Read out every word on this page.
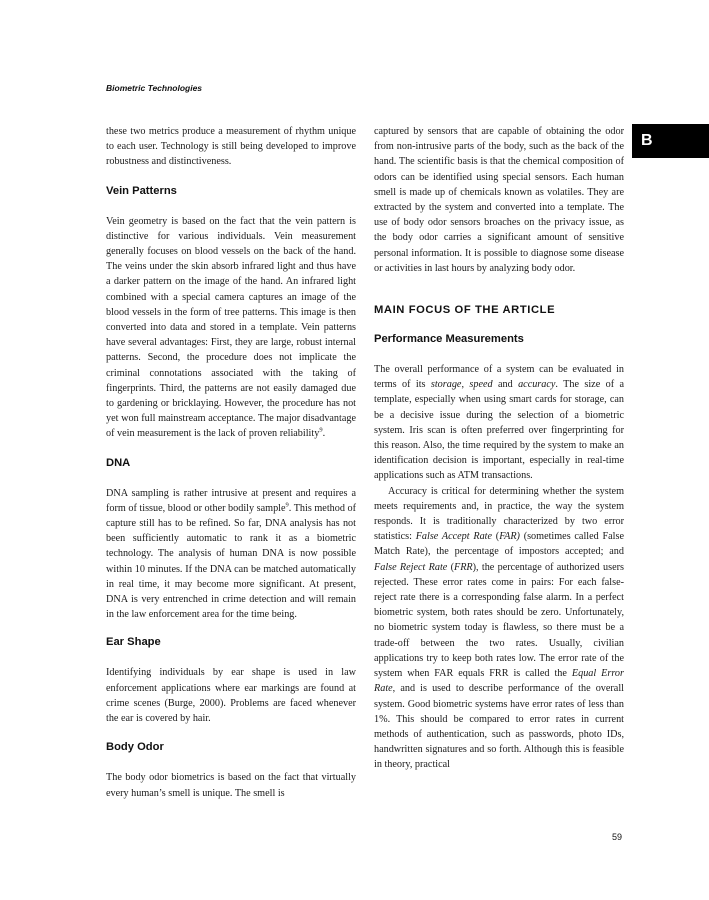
Biometric Technologies
B

these two metrics produce a measurement of rhythm unique to each user. Technology is still being developed to improve robustness and distinctiveness.

Vein Patterns

Vein geometry is based on the fact that the vein pattern is distinctive for various individuals. Vein measurement generally focuses on blood vessels on the back of the hand. The veins under the skin absorb infrared light and thus have a darker pattern on the image of the hand. An infrared light combined with a special camera captures an image of the blood vessels in the form of tree patterns. This image is then converted into data and stored in a template. Vein patterns have several advantages: First, they are large, robust internal patterns. Second, the procedure does not implicate the criminal connotations associated with the taking of fingerprints. Third, the patterns are not easily damaged due to gardening or bricklaying. However, the procedure has not yet won full mainstream acceptance. The major disadvantage of vein measurement is the lack of proven reliability$^9$.

DNA

DNA sampling is rather intrusive at present and requires a form of tissue, blood or other bodily sample$^9$. This method of capture still has to be refined. So far, DNA analysis has not been sufficiently automatic to rank it as a biometric technology. The analysis of human DNA is now possible within 10 minutes. If the DNA can be matched automatically in real time, it may become more significant. At present, DNA is very entrenched in crime detection and will remain in the law enforcement area for the time being.

Ear Shape

Identifying individuals by ear shape is used in law enforcement applications where ear markings are found at crime scenes (Burge, 2000). Problems are faced whenever the ear is covered by hair.

Body Odor

The body odor biometrics is based on the fact that virtually every human’s smell is unique. The smell is

captured by sensors that are capable of obtaining the odor from non-intrusive parts of the body, such as the back of the hand. The scientific basis is that the chemical composition of odors can be identified using special sensors. Each human smell is made up of chemicals known as volatiles. They are extracted by the system and converted into a template. The use of body odor sensors broaches on the privacy issue, as the body odor carries a significant amount of sensitive personal information. It is possible to diagnose some disease or activities in last hours by analyzing body odor.

MAIN FOCUS OF THE ARTICLE
Performance Measurements

The overall performance of a system can be evaluated in terms of its storage, speed and accuracy. The size of a template, especially when using smart cards for storage, can be a decisive issue during the selection of a biometric system. Iris scan is often preferred over fingerprinting for this reason. Also, the time required by the system to make an identification decision is important, especially in real-time applications such as ATM transactions.

Accuracy is critical for determining whether the system meets requirements and, in practice, the way the system responds. It is traditionally characterized by two error statistics: False Accept Rate (FAR) (sometimes called False Match Rate), the percentage of impostors accepted; and False Reject Rate (FRR), the percentage of authorized users rejected. These error rates come in pairs: For each false-reject rate there is a corresponding false alarm. In a perfect biometric system, both rates should be zero. Unfortunately, no biometric system today is flawless, so there must be a trade-off between the two rates. Usually, civilian applications try to keep both rates low. The error rate of the system when FAR equals FRR is called the Equal Error Rate, and is used to describe performance of the overall system. Good biometric systems have error rates of less than 1%. This should be compared to error rates in current methods of authentication, such as passwords, photo IDs, handwritten signatures and so forth. Although this is feasible in theory, practical

59
